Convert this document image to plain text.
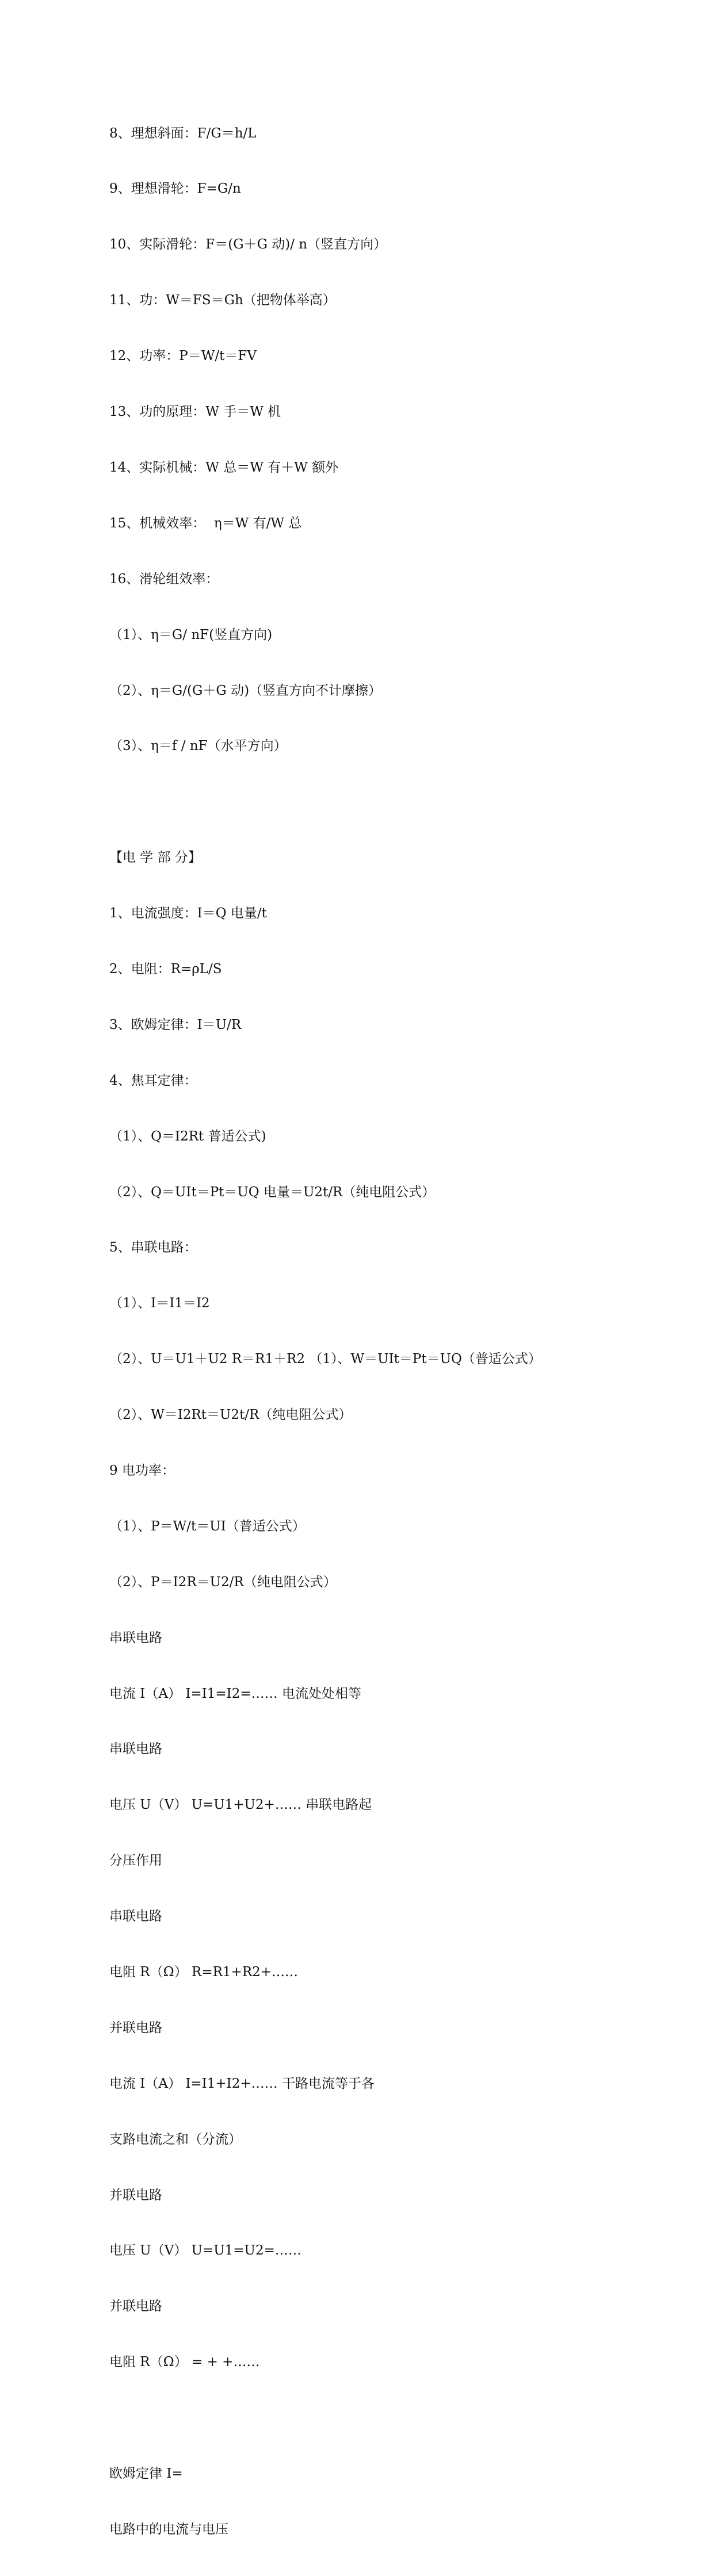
8、理想斜面：F/G＝h/L

9、理想滑轮：F=G/n

10、实际滑轮：F＝(G＋G 动)/ n（竖直方向）

11、功：W＝FS＝Gh（把物体举高）

12、功率：P＝W/t＝FV

13、功的原理：W 手＝W 机

14、实际机械：W 总＝W 有＋W 额外

15、机械效率：  η＝W 有/W 总

16、滑轮组效率：

（1）、η＝G/ nF(竖直方向)

（2）、η＝G/(G＋G 动)（竖直方向不计摩擦）

（3）、η＝f / nF（水平方向）

【电 学 部 分】

1、电流强度：I＝Q 电量/t

2、电阻：R=ρL/S

3、欧姆定律：I＝U/R

4、焦耳定律：

（1）、Q＝I2Rt 普适公式)

（2）、Q＝UIt＝Pt＝UQ 电量＝U2t/R（纯电阻公式）

5、串联电路：

（1）、I＝I1＝I2

（2）、U＝U1＋U2 R＝R1＋R2 （1）、W＝UIt＝Pt＝UQ（普适公式）

（2）、W＝I2Rt＝U2t/R（纯电阻公式）

9 电功率：

（1）、P＝W/t＝UI（普适公式）

（2）、P＝I2R＝U2/R（纯电阻公式）

串联电路

电流 I（A） I=I1=I2=…… 电流处处相等

串联电路

电压 U（V） U=U1+U2+…… 串联电路起

分压作用

串联电路

电阻 R（Ω） R=R1+R2+……

并联电路

电流 I（A） I=I1+I2+…… 干路电流等于各

支路电流之和（分流）

并联电路

电压 U（V） U=U1=U2=……

并联电路

电阻 R（Ω） = + +……

欧姆定律 I=

电路中的电流与电压
